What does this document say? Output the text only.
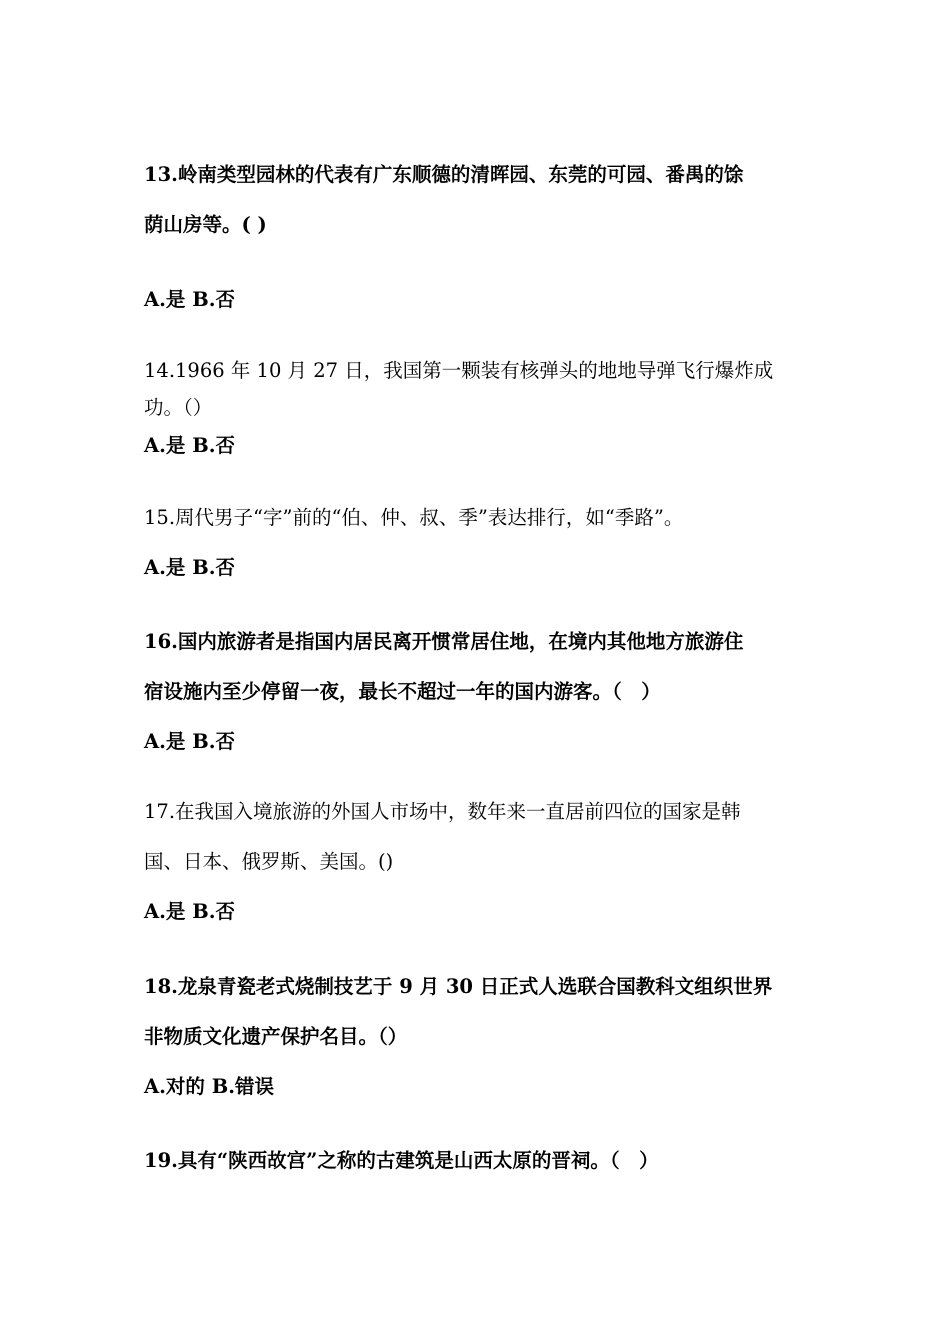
13.岭南类型园林的代表有广东顺德的清晖园、东莞的可园、番禺的馀
荫山房等。( )
A.是 B.否
14.1966 年 10 月 27 日，我国第一颗装有核弹头的地地导弹飞行爆炸成
功。（）
A.是 B.否
15.周代男子“字”前的“伯、仲、叔、季”表达排行，如“季路”。
A.是 B.否
16.国内旅游者是指国内居民离开惯常居住地，在境内其他地方旅游住
宿设施内至少停留一夜，最长不超过一年的国内游客。（　）
A.是 B.否
17.在我国入境旅游的外国人市场中，数年来一直居前四位的国家是韩
国、日本、俄罗斯、美国。()
A.是 B.否
18.龙泉青瓷老式烧制技艺于 9 月 30 日正式人选联合国教科文组织世界
非物质文化遗产保护名目。（）
A.对的 B.错误
19.具有“陕西故宫”之称的古建筑是山西太原的晋祠。（　）
